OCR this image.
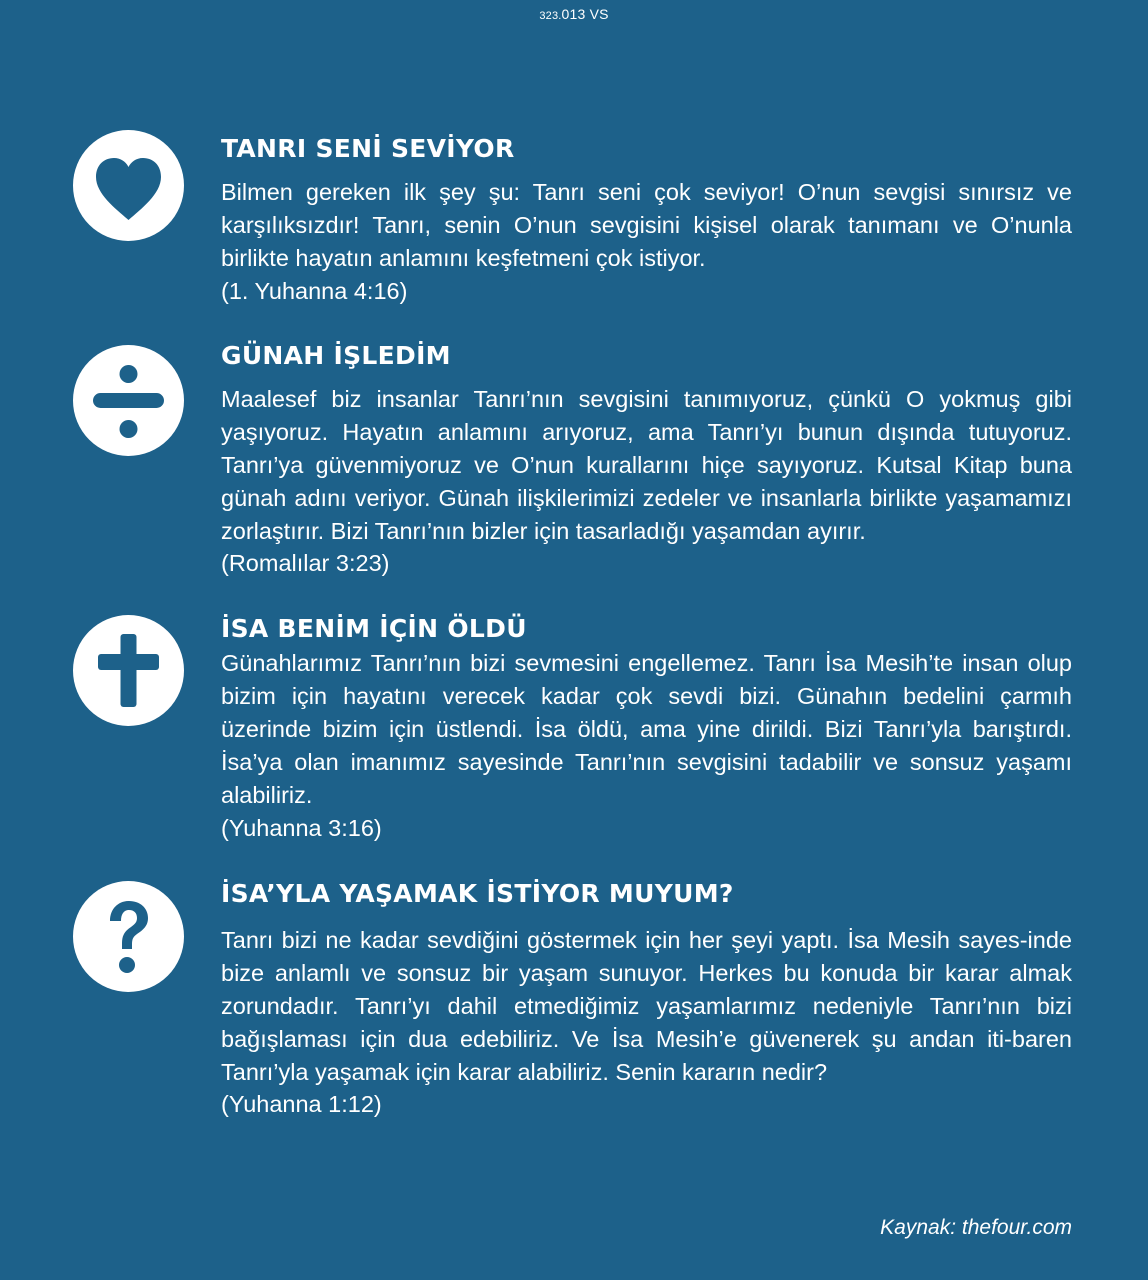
323.013 VS
TANRI SENİ SEVİYOR
Bilmen gereken ilk şey şu: Tanrı seni çok seviyor! O’nun sevgisi sınırsız ve karşılıksızdır! Tanrı, senin O’nun sevgisini kişisel olarak tanımanı ve O’nunla birlikte hayatın anlamını keşfetmeni çok istiyor.
(1. Yuhanna 4:16)
GÜNAH İŞLEDİM
Maalesef biz insanlar Tanrı’nın sevgisini tanımıyoruz, çünkü O yokmuş gibi yaşıyoruz. Hayatın anlamını arıyoruz, ama Tanrı’yı bunun dışında tutuyoruz. Tanrı’ya güvenmiyoruz ve O’nun kurallarını hiçe sayıyoruz. Kutsal Kitap buna günah adını veriyor. Günah ilişkilerimizi zedeler ve insanlarla birlikte yaşamamızı zorlaştırır. Bizi Tanrı’nın bizler için tasarladığı yaşamdan ayırır.
(Romalılar 3:23)
İSA BENİM İÇİN ÖLDÜ
Günahlarımız Tanrı’nın bizi sevmesini engellemez. Tanrı İsa Mesih’te insan olup bizim için hayatını verecek kadar çok sevdi bizi. Günahın bedelini çarmıh üzerinde bizim için üstlendi. İsa öldü, ama yine dirildi. Bizi Tanrı’yla barıştırdı. İsa’ya olan imanımız sayesinde Tanrı’nın sevgisini tadabilir ve sonsuz yaşamı alabiliriz.
(Yuhanna 3:16)
İSA’YLA YAŞAMAK İSTİYOR MUYUM?
Tanrı bizi ne kadar sevdiğini göstermek için her şeyi yaptı. İsa Mesih sayes-inde bize anlamlı ve sonsuz bir yaşam sunuyor. Herkes bu konuda bir karar almak zorundadır. Tanrı’yı dahil etmediğimiz yaşamlarımız nedeniyle Tanrı’nın bizi bağışlaması için dua edebiliriz. Ve İsa Mesih’e güvenerek şu andan iti-baren Tanrı’yla yaşamak için karar alabiliriz. Senin kararın nedir?
(Yuhanna 1:12)
Kaynak: thefour.com
